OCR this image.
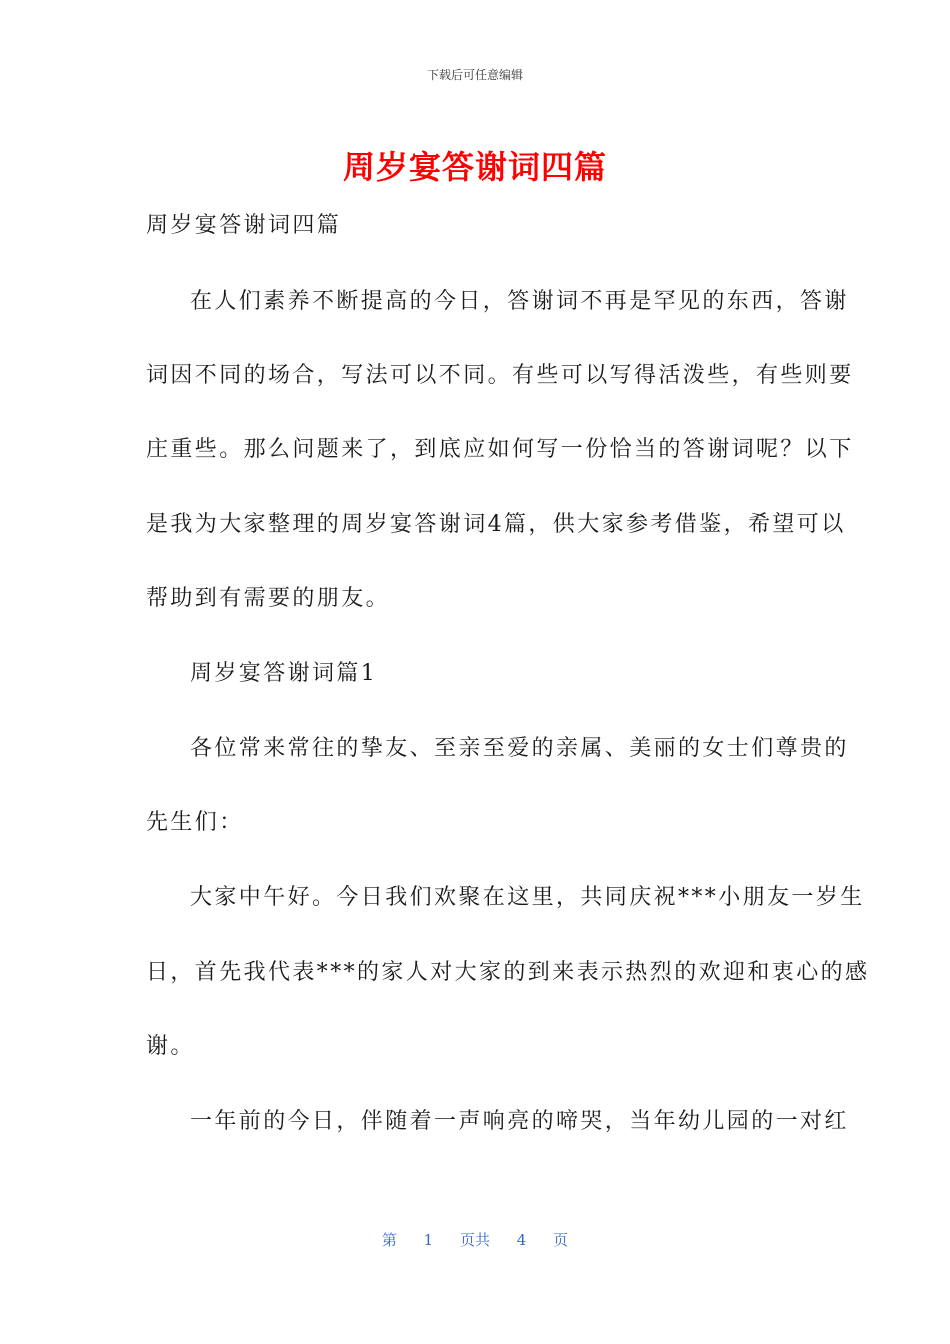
下载后可任意编辑
周岁宴答谢词四篇
周岁宴答谢词四篇
在人们素养不断提高的今日，答谢词不再是罕见的东西，答谢
词因不同的场合，写法可以不同。有些可以写得活泼些，有些则要
庄重些。那么问题来了，到底应如何写一份恰当的答谢词呢？以下
是我为大家整理的周岁宴答谢词4篇，供大家参考借鉴，希望可以
帮助到有需要的朋友。
周岁宴答谢词篇1
各位常来常往的挚友、至亲至爱的亲属、美丽的女士们尊贵的
先生们：
大家中午好。今日我们欢聚在这里，共同庆祝***小朋友一岁生
日，首先我代表***的家人对大家的到来表示热烈的欢迎和衷心的感
谢。
一年前的今日，伴随着一声响亮的啼哭，当年幼儿园的一对红
第 1 页共 4 页
